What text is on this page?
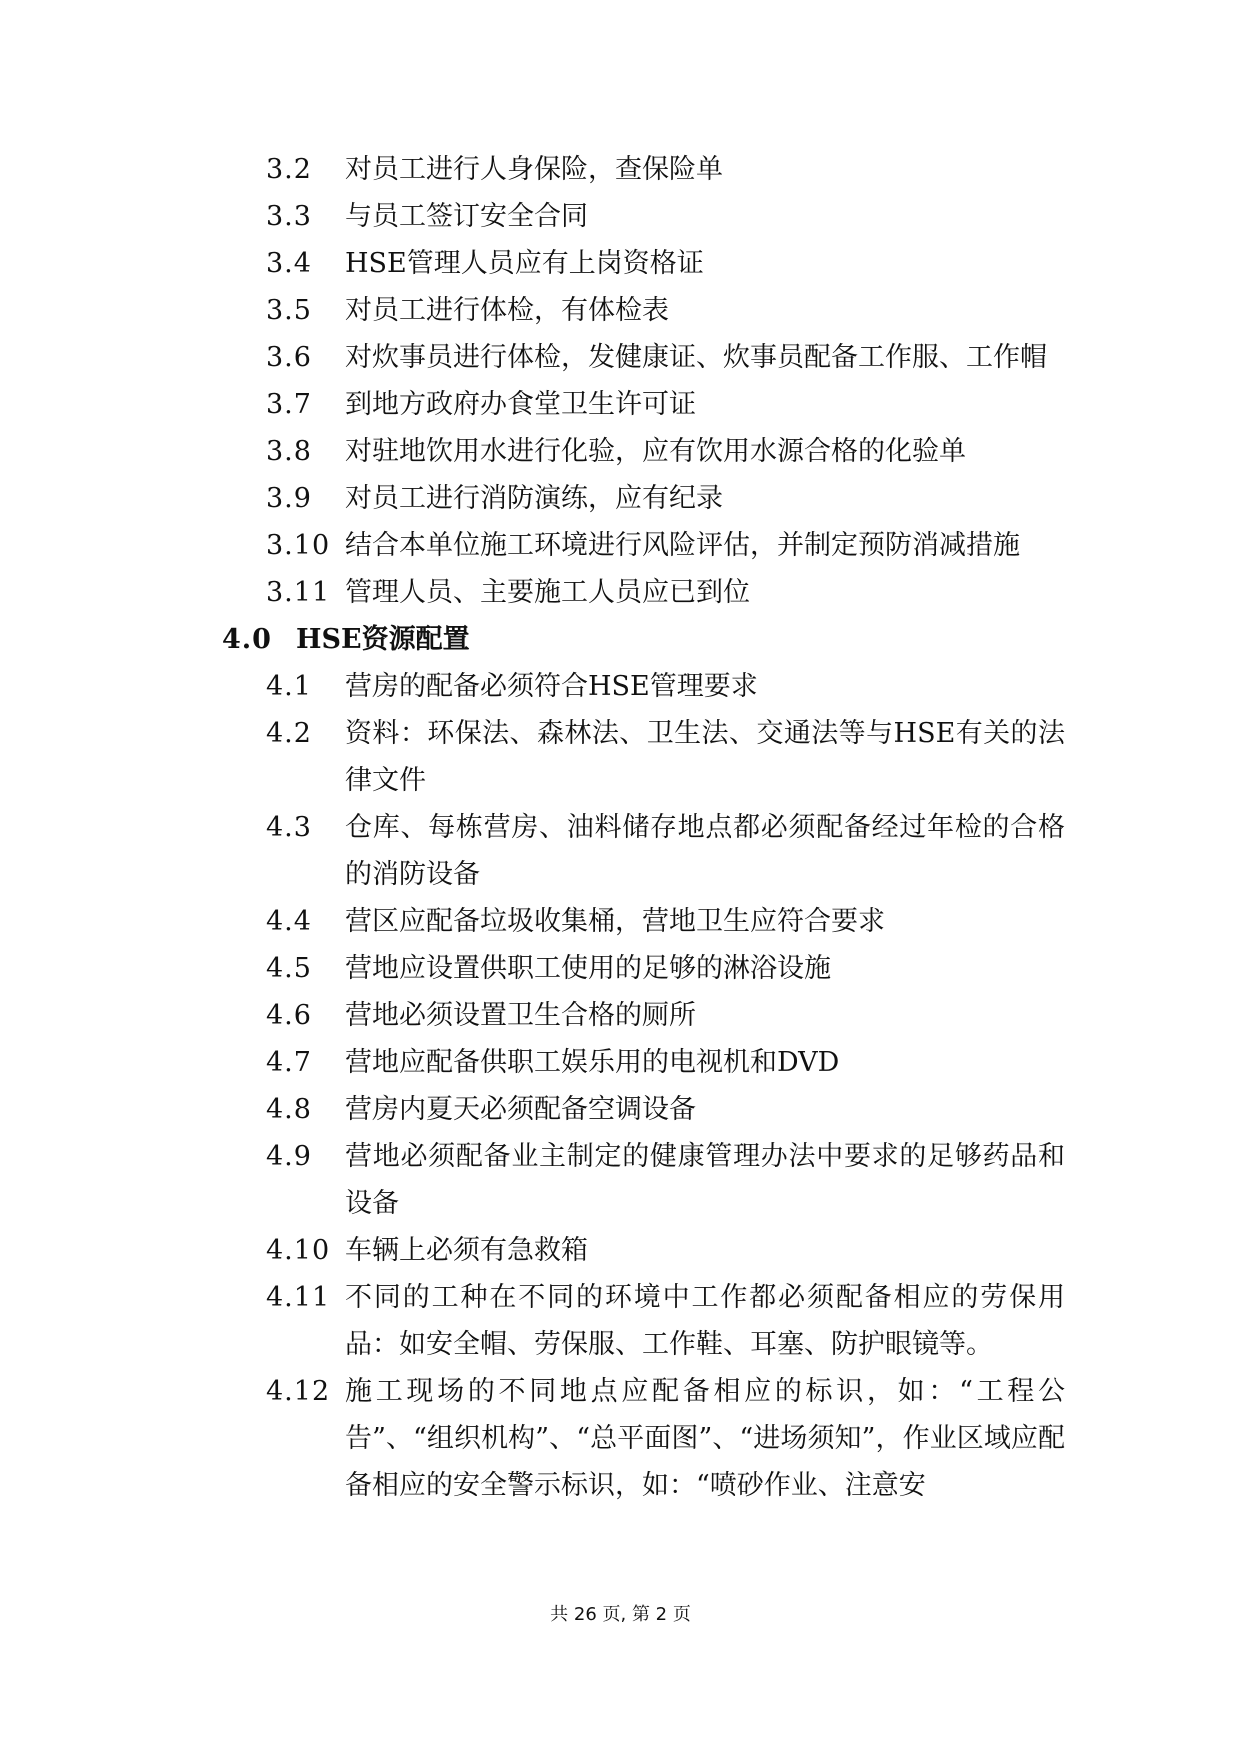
3.2 对员工进行人身保险，查保险单
3.3 与员工签订安全合同
3.4 HSE管理人员应有上岗资格证
3.5 对员工进行体检，有体检表
3.6 对炊事员进行体检，发健康证、炊事员配备工作服、工作帽
3.7 到地方政府办食堂卫生许可证
3.8 对驻地饮用水进行化验，应有饮用水源合格的化验单
3.9 对员工进行消防演练，应有纪录
3.10 结合本单位施工环境进行风险评估，并制定预防消减措施
3.11 管理人员、主要施工人员应已到位
4.0 HSE资源配置
4.1 营房的配备必须符合HSE管理要求
4.2 资料：环保法、森林法、卫生法、交通法等与HSE有关的法律文件
4.3 仓库、每栋营房、油料储存地点都必须配备经过年检的合格的消防设备
4.4 营区应配备垃圾收集桶，营地卫生应符合要求
4.5 营地应设置供职工使用的足够的淋浴设施
4.6 营地必须设置卫生合格的厕所
4.7 营地应配备供职工娱乐用的电视机和DVD
4.8 营房内夏天必须配备空调设备
4.9 营地必须配备业主制定的健康管理办法中要求的足够药品和设备
4.10 车辆上必须有急救箱
4.11 不同的工种在不同的环境中工作都必须配备相应的劳保用品：如安全帽、劳保服、工作鞋、耳塞、防护眼镜等。
4.12 施工现场的不同地点应配备相应的标识，如：“工程公告”、“组织机构”、“总平面图”、“进场须知”，作业区域应配备相应的安全警示标识，如：“喷砂作业、注意安
共 26 页, 第 2 页
